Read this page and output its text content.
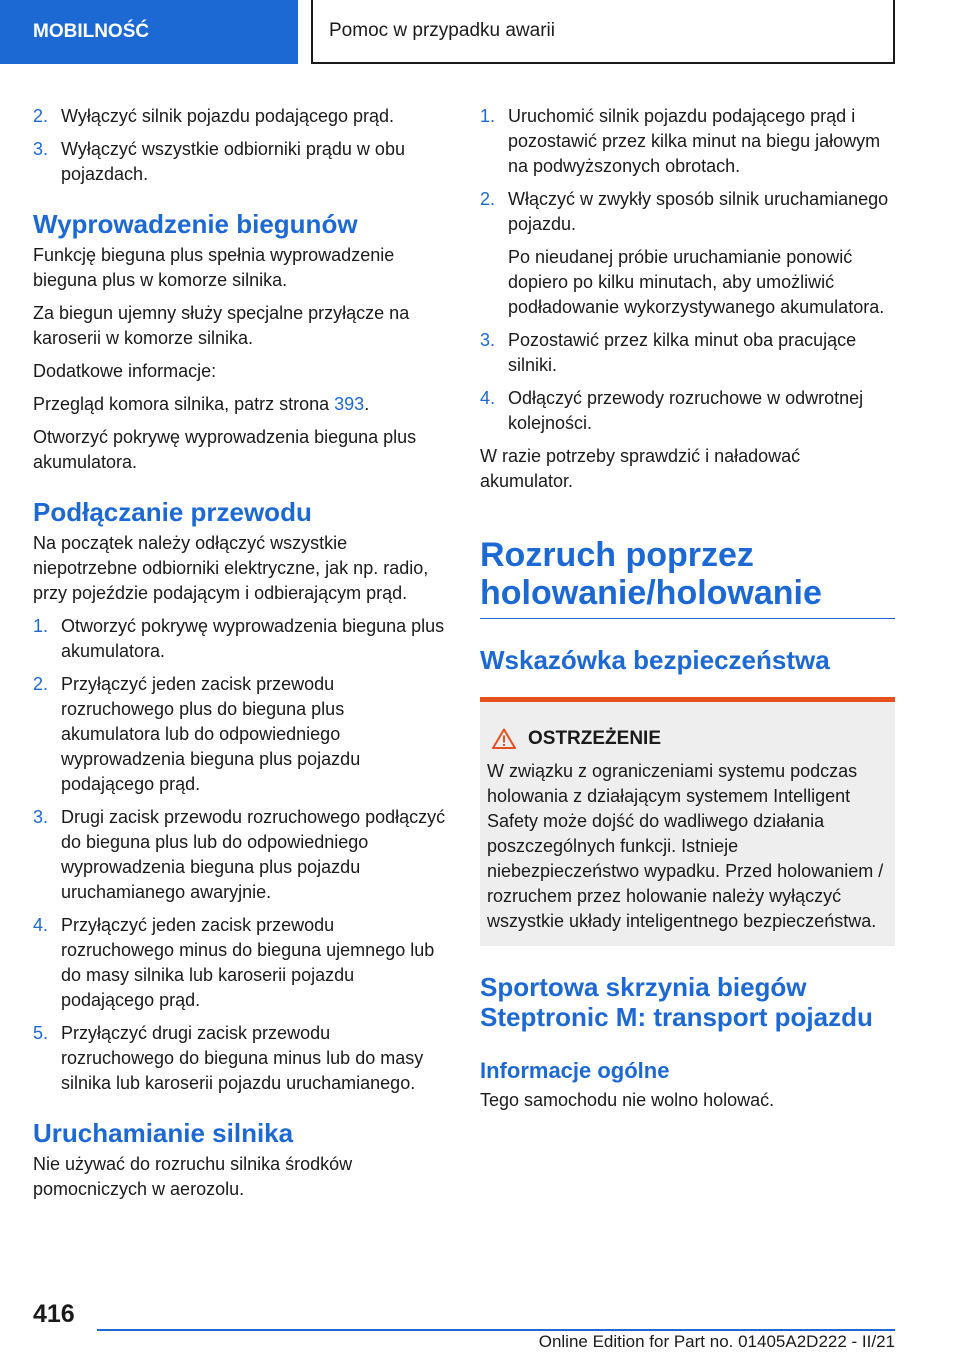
MOBILNOŚĆ	Pomoc w przypadku awarii
2. Wyłączyć silnik pojazdu podającego prąd.
3. Wyłączyć wszystkie odbiorniki prądu w obu pojazdach.
Wyprowadzenie biegunów

Funkcję bieguna plus spełnia wyprowadzenie bieguna plus w komorze silnika.

Za biegun ujemny służy specjalne przyłącze na karoserii w komorze silnika.

Dodatkowe informacje:

Przegląd komora silnika, patrz strona 393.

Otworzyć pokrywę wyprowadzenia bieguna plus akumulatora.

Podłączanie przewodu

Na początek należy odłączyć wszystkie niepotrzebne odbiorniki elektryczne, jak np. radio, przy pojeździe podającym i odbierającym prąd.

1. Otworzyć pokrywę wyprowadzenia bieguna plus akumulatora.
2. Przyłączyć jeden zacisk przewodu rozruchowego plus do bieguna plus akumulatora lub do odpowiedniego wyprowadzenia bieguna plus pojazdu podającego prąd.
3. Drugi zacisk przewodu rozruchowego podłączyć do bieguna plus lub do odpowiedniego wyprowadzenia bieguna plus pojazdu uruchamianego awaryjnie.
4. Przyłączyć jeden zacisk przewodu rozruchowego minus do bieguna ujemnego lub do masy silnika lub karoserii pojazdu podającego prąd.
5. Przyłączyć drugi zacisk przewodu rozruchowego do bieguna minus lub do masy silnika lub karoserii pojazdu uruchamianego.
Uruchamianie silnika

Nie używać do rozruchu silnika środków pomocniczych w aerozolu.

1. Uruchomić silnik pojazdu podającego prąd i pozostawić przez kilka minut na biegu jałowym na podwyższonych obrotach.
2. Włączyć w zwykły sposób silnik uruchamianego pojazdu.

Po nieudanej próbie uruchamianie ponowić dopiero po kilku minutach, aby umożliwić podładowanie wykorzystywanego akumulatora.

3. Pozostawić przez kilka minut oba pracujące silniki.
4. Odłączyć przewody rozruchowe w odwrotnej kolejności.

W razie potrzeby sprawdzić i naładować akumulator.

Rozruch poprzez holowanie/holowanie
Wskazówka bezpieczeństwa
OSTRZEŻENIE

W związku z ograniczeniami systemu podczas holowania z działającym systemem Intelligent Safety może dojść do wadliwego działania poszczególnych funkcji. Istnieje niebezpieczeństwo wypadku. Przed holowaniem / rozruchem przez holowanie należy wyłączyć wszystkie układy inteligentnego bezpieczeństwa.

Sportowa skrzynia biegów Steptronic M: transport pojazdu
Informacje ogólne

Tego samochodu nie wolno holować.

416
Online Edition for Part no. 01405A2D222 - II/21
